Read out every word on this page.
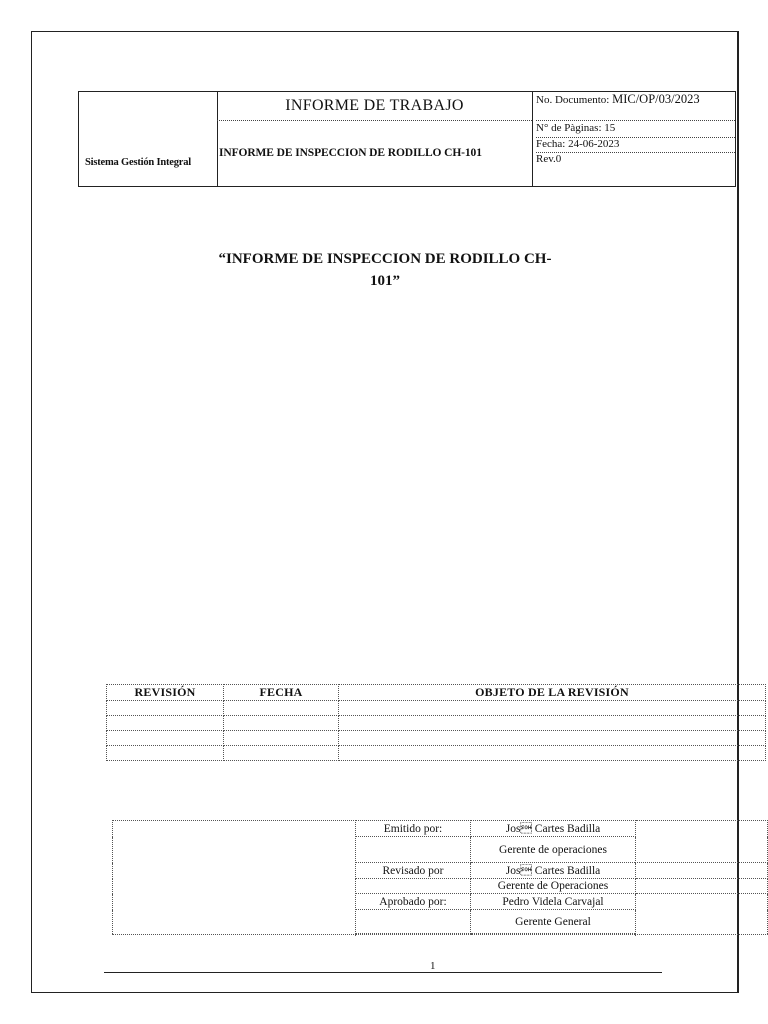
Sistema Gestión Integral
INFORME DE TRABAJO
INFORME DE INSPECCION DE RODILLO CH-101
No. Documento: MIC/OP/03/2023
N° de Pàginas: 15
Fecha: 24-06-2023
Rev.0
“INFORME DE INSPECCION DE RODILLO CH-
101”
REVISIÓN	FECHA	OBJETO DE LA REVISIÓN

	Emitido por:	Jos Cartes Badilla	
		Gerente de operaciones	
	Revisado por	Jos Cartes Badilla	
		Gerente de Operaciones	
	Aprobado por:	Pedro Videla Carvajal	
		Gerente General	

1
